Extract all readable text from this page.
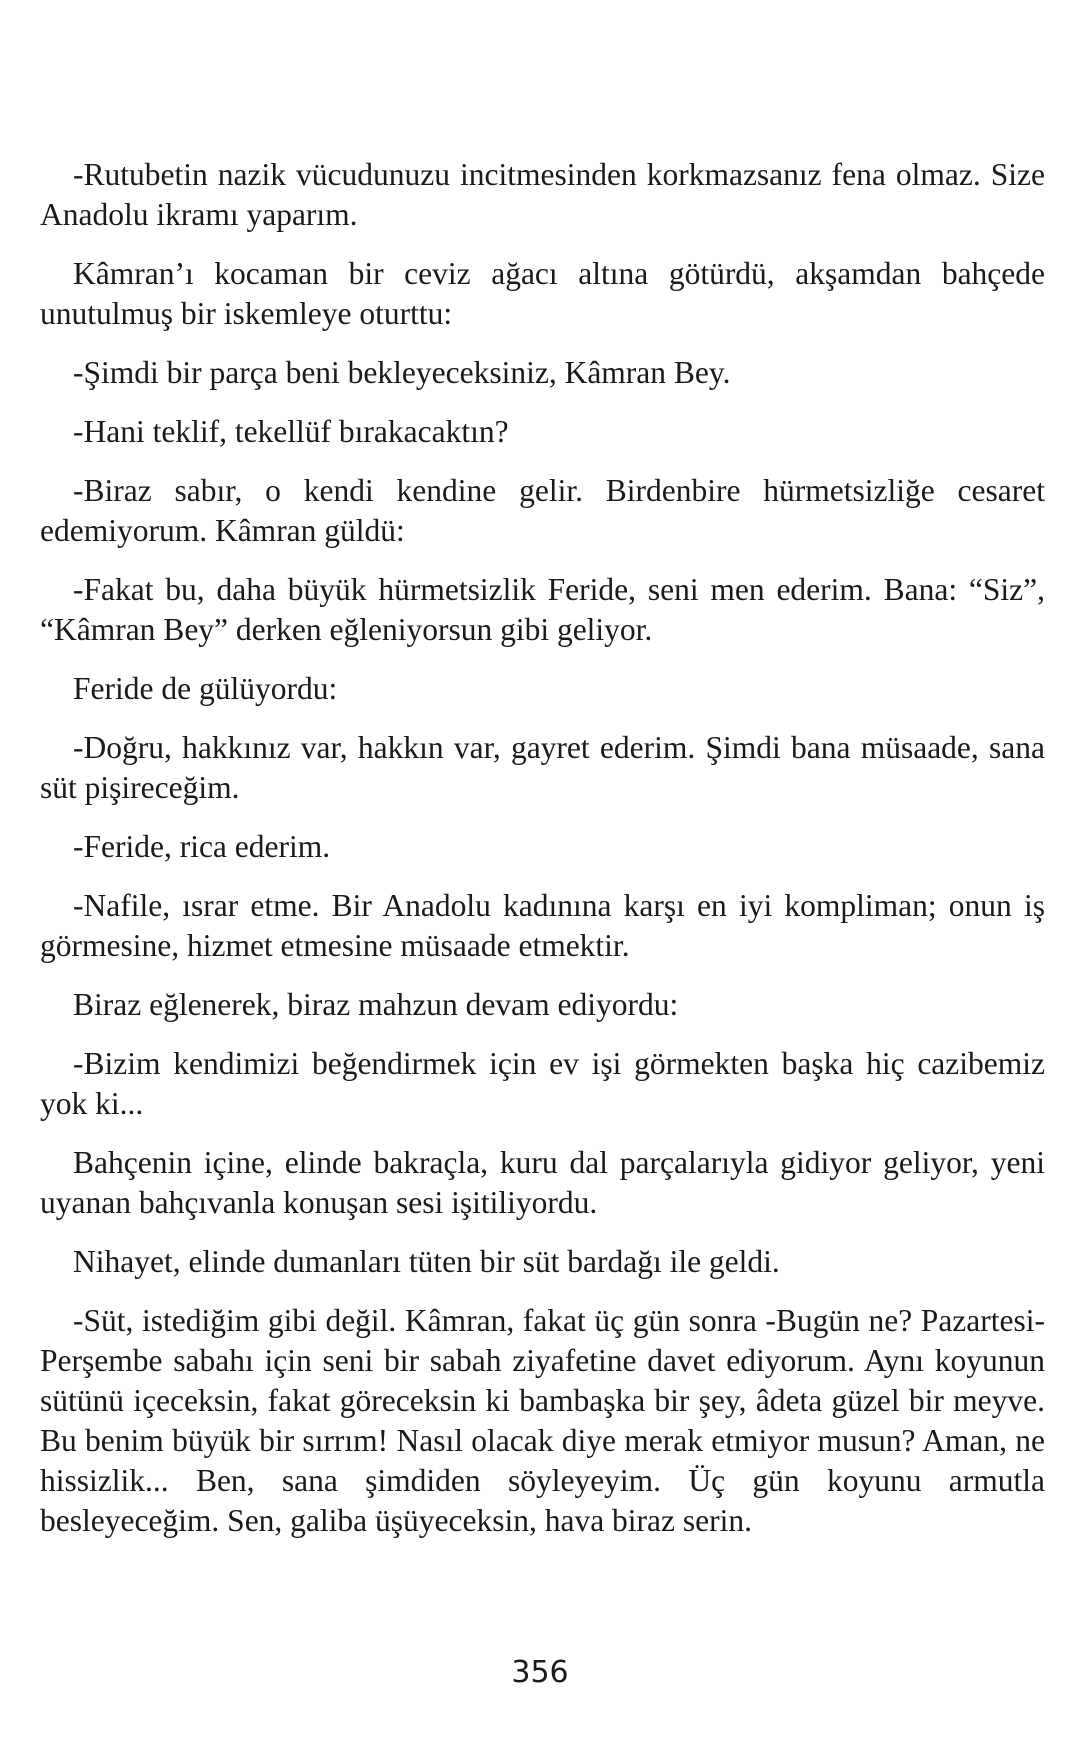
-Rutubetin nazik vücudunuzu incitmesinden korkmazsanız fena olmaz. Size Anadolu ikramı yaparım.

Kâmran’ı kocaman bir ceviz ağacı altına götürdü, akşamdan bahçede unutulmuş bir iskemleye oturttu:

-Şimdi bir parça beni bekleyeceksiniz, Kâmran Bey.

-Hani teklif, tekellüf bırakacaktın?

-Biraz sabır, o kendi kendine gelir. Birdenbire hürmetsizliğe cesaret edemiyorum. Kâmran güldü:

-Fakat bu, daha büyük hürmetsizlik Feride, seni men ederim. Bana: “Siz”, “Kâmran Bey” derken eğleniyorsun gibi geliyor.

Feride de gülüyordu:

-Doğru, hakkınız var, hakkın var, gayret ederim. Şimdi bana müsaade, sana süt pişireceğim.

-Feride, rica ederim.

-Nafile, ısrar etme. Bir Anadolu kadınına karşı en iyi kompliman; onun iş görmesine, hizmet etmesine müsaade etmektir.

Biraz eğlenerek, biraz mahzun devam ediyordu:

-Bizim kendimizi beğendirmek için ev işi görmekten başka hiç cazibemiz yok ki...

Bahçenin içine, elinde bakraçla, kuru dal parçalarıyla gidiyor geliyor, yeni uyanan bahçıvanla konuşan sesi işitiliyordu.

Nihayet, elinde dumanları tüten bir süt bardağı ile geldi.

-Süt, istediğim gibi değil. Kâmran, fakat üç gün sonra -Bugün ne? Pazartesi-Perşembe sabahı için seni bir sabah ziyafetine davet ediyorum. Aynı koyunun sütünü içeceksin, fakat göreceksin ki bambaşka bir şey, âdeta güzel bir meyve. Bu benim büyük bir sırrım! Nasıl olacak diye merak etmiyor musun? Aman, ne hissizlik... Ben, sana şimdiden söyleyeyim. Üç gün koyunu armutla besleyeceğim. Sen, galiba üşüyeceksin, hava biraz serin.

356
